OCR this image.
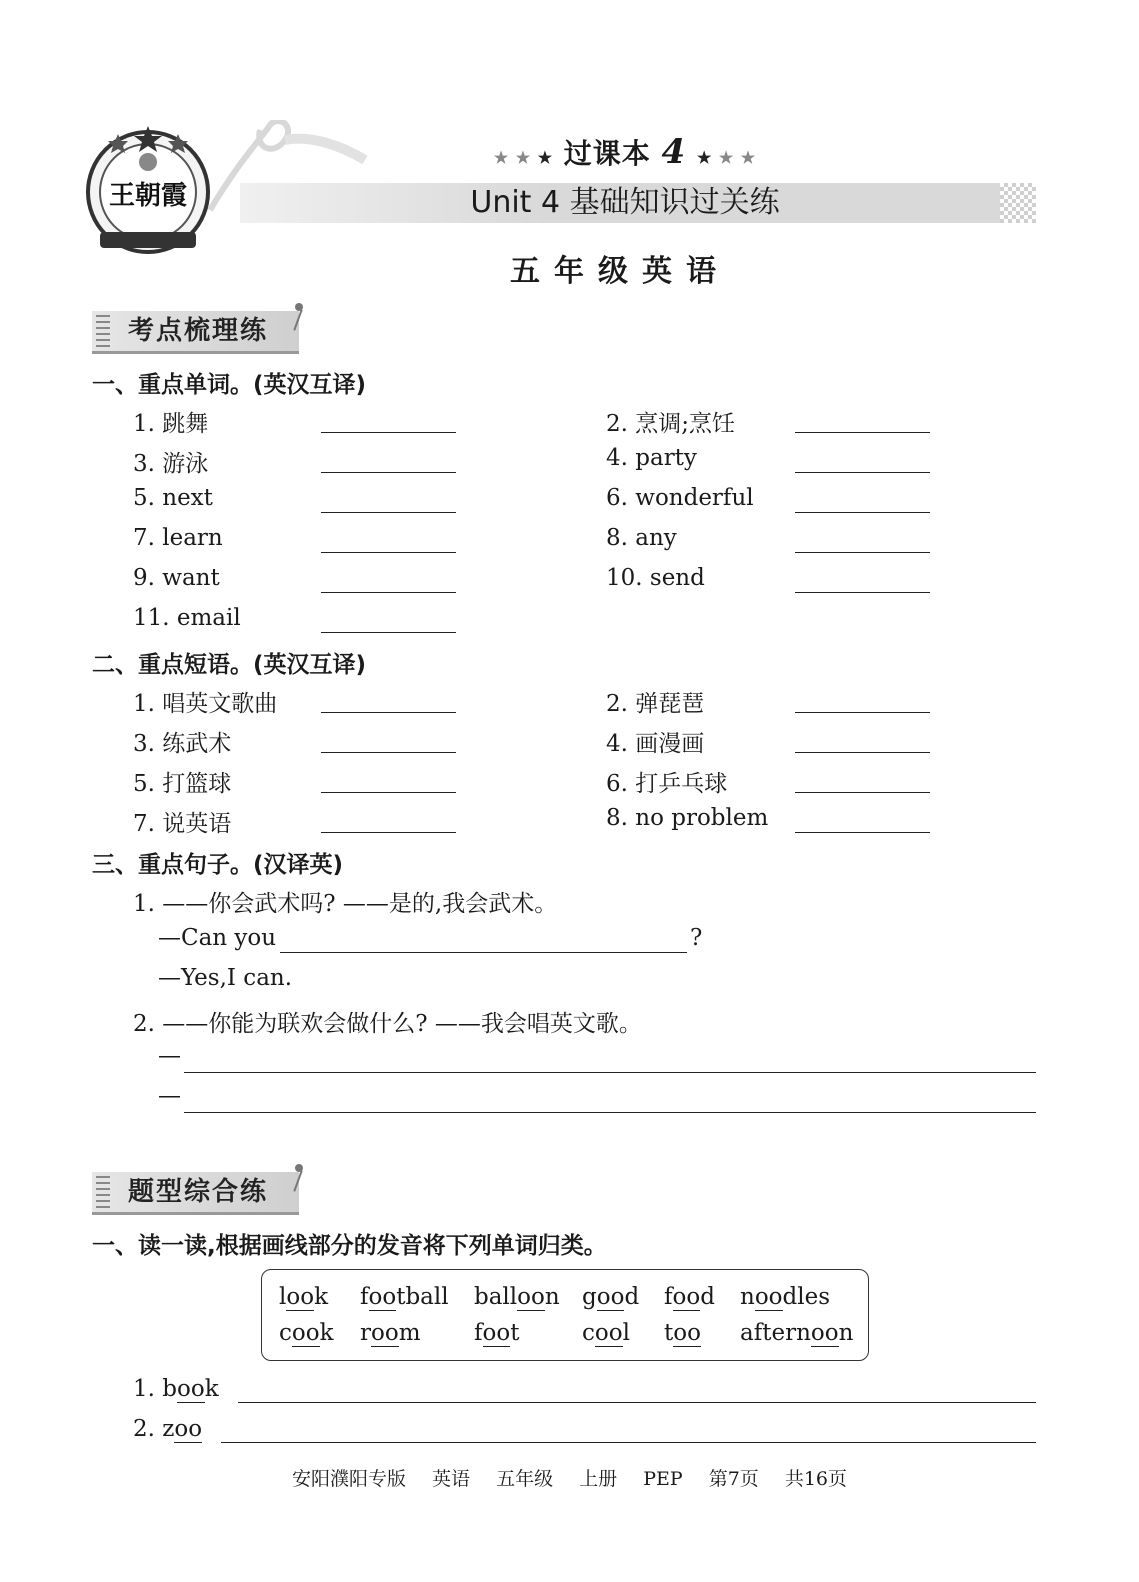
王朝霞
★ ★ ★ 过课本 4 ★ ★ ★
Unit 4 基础知识过关练
五年级英语
考点梳理练
一、重点单词。(英汉互译)
1. 跳舞	2. 烹调;烹饪
3. 游泳	4. party
5. next	6. wonderful
7. learn	8. any
9. want	10. send
11. email
二、重点短语。(英汉互译)
1. 唱英文歌曲	2. 弹琵琶
3. 练武术	4. 画漫画
5. 打篮球	6. 打乒乓球
7. 说英语	8. no problem
三、重点句子。(汉译英)
1. ——你会武术吗? ——是的,我会武术。
—Can you	?
—Yes,I can.
2. ——你能为联欢会做什么? ——我会唱英文歌。
—
—
题型综合练
一、读一读,根据画线部分的发音将下列单词归类。
look football balloon good food noodles
cook room foot	cool too afternoon
1. book
2. zoo
安阳濮阳专版 英语 五年级 上册 PEP 第7页 共16页
